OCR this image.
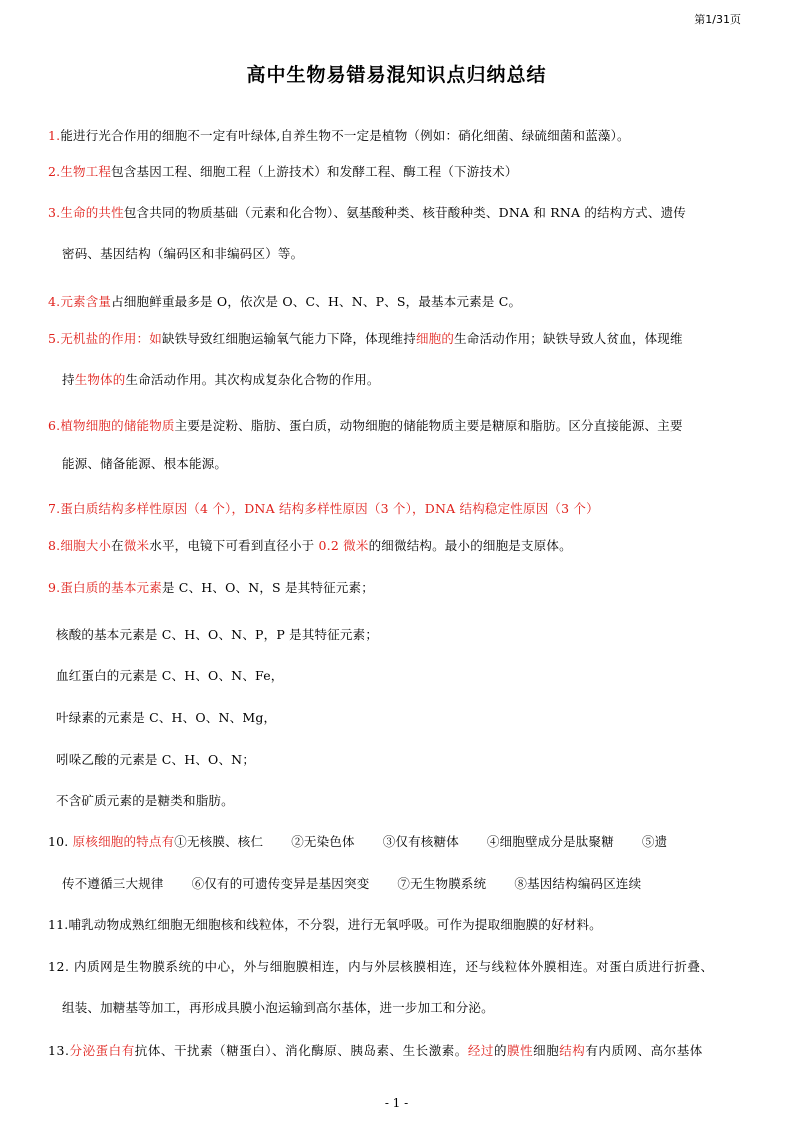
第1/31页
高中生物易错易混知识点归纳总结
1.能进行光合作用的细胞不一定有叶绿体,自养生物不一定是植物（例如：硝化细菌、绿硫细菌和蓝藻）。
2.生物工程包含基因工程、细胞工程（上游技术）和发酵工程、酶工程（下游技术）
3.生命的共性包含共同的物质基础（元素和化合物）、氨基酸种类、核苷酸种类、DNA 和 RNA 的结构方式、遗传
密码、基因结构（编码区和非编码区）等。
4.元素含量占细胞鲜重最多是 O，依次是 O、C、H、N、P、S，最基本元素是 C。
5.无机盐的作用：如缺铁导致红细胞运输氧气能力下降，体现维持细胞的生命活动作用；缺铁导致人贫血，体现维
持生物体的生命活动作用。其次构成复杂化合物的作用。
6.植物细胞的储能物质主要是淀粉、脂肪、蛋白质，动物细胞的储能物质主要是糖原和脂肪。区分直接能源、主要
能源、储备能源、根本能源。
7.蛋白质结构多样性原因（4 个），DNA 结构多样性原因（3 个），DNA 结构稳定性原因（3 个）
8.细胞大小在微米水平，电镜下可看到直径小于 0.2 微米的细微结构。最小的细胞是支原体。
9.蛋白质的基本元素是 C、H、O、N，S 是其特征元素；
核酸的基本元素是 C、H、O、N、P，P 是其特征元素；
血红蛋白的元素是 C、H、O、N、Fe，
叶绿素的元素是 C、H、O、N、Mg，
吲哚乙酸的元素是 C、H、O、N；
不含矿质元素的是糖类和脂肪。
10. 原核细胞的特点有①无核膜、核仁 ②无染色体 ③仅有核糖体 ④细胞壁成分是肽聚糖 ⑤遗
传不遵循三大规律 ⑥仅有的可遗传变异是基因突变 ⑦无生物膜系统 ⑧基因结构编码区连续
11.哺乳动物成熟红细胞无细胞核和线粒体，不分裂，进行无氧呼吸。可作为提取细胞膜的好材料。
12. 内质网是生物膜系统的中心，外与细胞膜相连，内与外层核膜相连，还与线粒体外膜相连。对蛋白质进行折叠、
组装、加糖基等加工，再形成具膜小泡运输到高尔基体，进一步加工和分泌。
13.分泌蛋白有抗体、干扰素（糖蛋白）、消化酶原、胰岛素、生长激素。经过的膜性细胞结构有内质网、高尔基体
- 1 -
